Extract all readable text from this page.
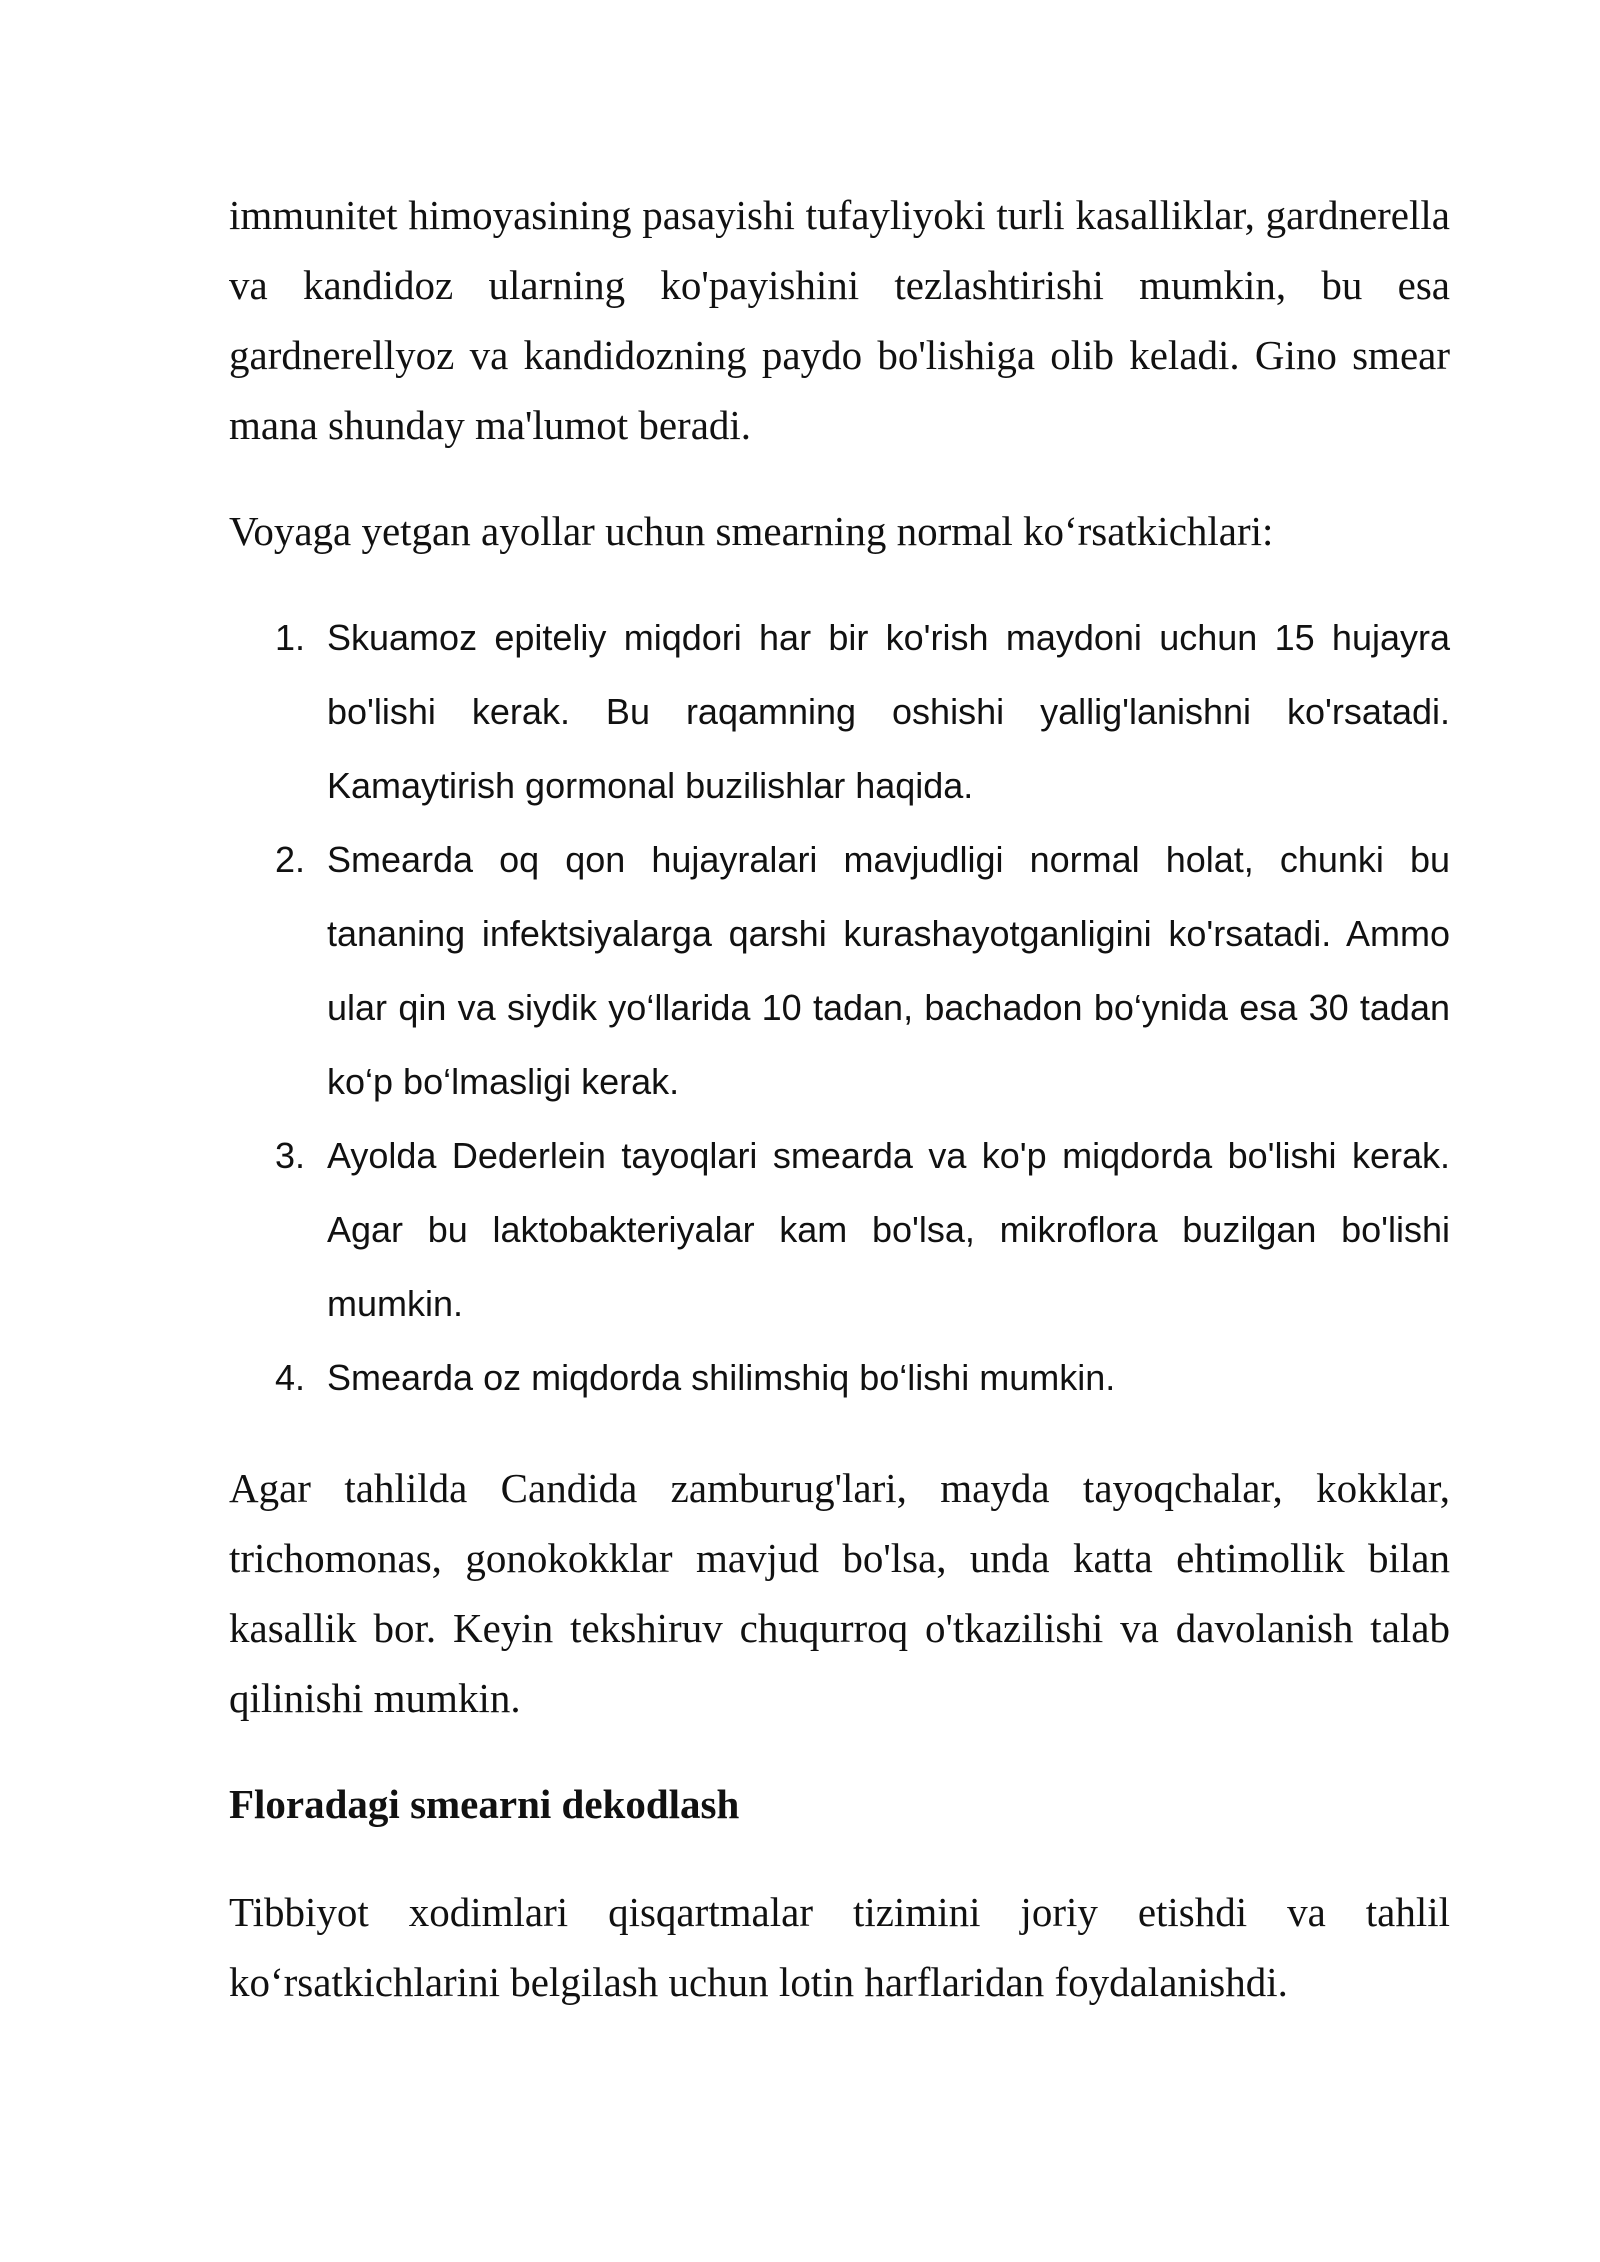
immunitet himoyasining pasayishi tufayliyoki turli kasalliklar, gardnerella va kandidoz ularning ko'payishini tezlashtirishi mumkin, bu esa gardnerellyoz va kandidozning paydo bo'lishiga olib keladi. Gino smear mana shunday ma'lumot beradi.

Voyaga yetgan ayollar uchun smearning normal ko‘rsatkichlari:

1. Skuamoz epiteliy miqdori har bir ko'rish maydoni uchun 15 hujayra bo'lishi kerak. Bu raqamning oshishi yallig'lanishni ko'rsatadi. Kamaytirish gormonal buzilishlar haqida.
2. Smearda oq qon hujayralari mavjudligi normal holat, chunki bu tananing infektsiyalarga qarshi kurashayotganligini ko'rsatadi. Ammo ular qin va siydik yo‘llarida 10 tadan, bachadon bo‘ynida esa 30 tadan ko‘p bo‘lmasligi kerak.
3. Ayolda Dederlein tayoqlari smearda va ko'p miqdorda bo'lishi kerak. Agar bu laktobakteriyalar kam bo'lsa, mikroflora buzilgan bo'lishi mumkin.
4. Smearda oz miqdorda shilimshiq bo‘lishi mumkin.

Agar tahlilda Candida zamburug'lari, mayda tayoqchalar, kokklar, trichomonas, gonokokklar mavjud bo'lsa, unda katta ehtimollik bilan kasallik bor. Keyin tekshiruv chuqurroq o'tkazilishi va davolanish talab qilinishi mumkin.

Floradagi smearni dekodlash

Tibbiyot xodimlari qisqartmalar tizimini joriy etishdi va tahlil ko‘rsatkichlarini belgilash uchun lotin harflaridan foydalanishdi.
